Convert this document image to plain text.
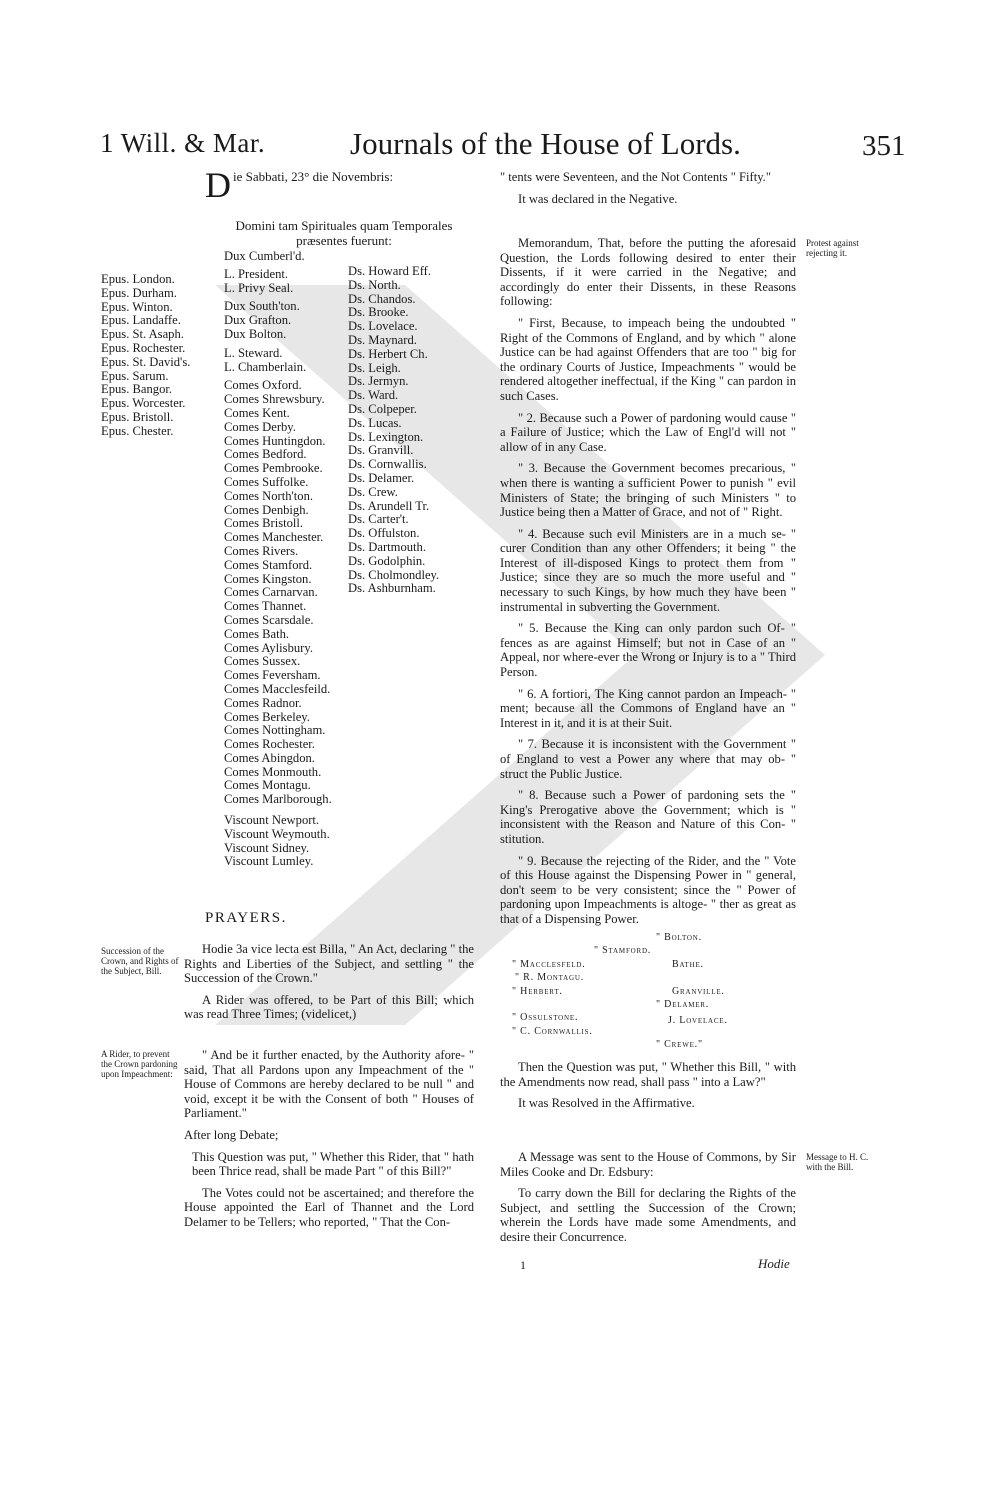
1 Will. & Mar.	Journals of the House of Lords.	351
D ie Sabbati, 23° die Novembris:
Domini tam Spirituales quam Temporales præsentes fuerunt:
Epus. London.
Epus. Durham.
Epus. Winton.
Epus. Landaffe.
Epus. St. Asaph.
Epus. Rochester.
Epus. St. David's.
Epus. Sarum.
Epus. Bangor.
Epus. Worcester.
Epus. Bristoll.
Epus. Chester.
Dux Cumberl'd.
L. President.
L. Privy Seal.
Dux South'ton.
Dux Grafton.
Dux Bolton.
L. Steward.
L. Chamberlain.
Comes Oxford.
Comes Shrewsbury.
Comes Kent.
Comes Derby.
Comes Huntingdon.
Comes Bedford.
Comes Pembrooke.
Comes Suffolke.
Comes North'ton.
Comes Denbigh.
Comes Bristoll.
Comes Manchester.
Comes Rivers.
Comes Stamford.
Comes Kingston.
Comes Carnarvan.
Comes Thannet.
Comes Scarsdale.
Comes Bath.
Comes Aylisbury.
Comes Sussex.
Comes Feversham.
Comes Macclesfeild.
Comes Radnor.
Comes Berkeley.
Comes Nottingham.
Comes Rochester.
Comes Abingdon.
Comes Monmouth.
Comes Montagu.
Comes Marlborough.
Viscount Newport.
Viscount Weymouth.
Viscount Sidney.
Viscount Lumley.
Ds. Howard Eff.
Ds. North.
Ds. Chandos.
Ds. Brooke.
Ds. Lovelace.
Ds. Maynard.
Ds. Herbert Ch.
Ds. Leigh.
Ds. Jermyn.
Ds. Ward.
Ds. Colpeper.
Ds. Lucas.
Ds. Lexington.
Ds. Granvill.
Ds. Cornwallis.
Ds. Delamer.
Ds. Crew.
Ds. Arundell Tr.
Ds. Carter't.
Ds. Offulston.
Ds. Dartmouth.
Ds. Godolphin.
Ds. Cholmondley.
Ds. Ashburnham.
PRAYERS.
Succession of the Crown, and Rights of the Subject, Bill.

Hodie 3a vice lecta est Billa, " An Act, declaring " the Rights and Liberties of the Subject, and settling " the Succession of the Crown."

A Rider was offered, to be Part of this Bill; which was read Three Times; (videlicet,)

A Rider, to prevent the Crown pardoning upon Impeachment:

" And be it further enacted, by the Authority afore- " said, That all Pardons upon any Impeachment of the " House of Commons are hereby declared to be null " and void, except it be with the Consent of both " Houses of Parliament."

After long Debate;

This Question was put, " Whether this Rider, that " hath been Thrice read, shall be made Part " of this Bill?"

The Votes could not be ascertained; and therefore the House appointed the Earl of Thannet and the Lord Delamer to be Tellers; who reported, " That the Con-

" tents were Seventeen, and the Not Contents " Fifty."

It was declared in the Negative.

Protest against rejecting it.

Memorandum, That, before the putting the aforesaid Question, the Lords following desired to enter their Dissents, if it were carried in the Negative; and accordingly do enter their Dissents, in these Reasons following:

" First, Because, to impeach being the undoubted " Right of the Commons of England, and by which " alone Justice can be had against Offenders that are too " big for the ordinary Courts of Justice, Impeachments " would be rendered altogether ineffectual, if the King " can pardon in such Cases.

" 2. Because such a Power of pardoning would cause " a Failure of Justice; which the Law of Engl'd will not " allow of in any Case.

" 3. Because the Government becomes precarious, " when there is wanting a sufficient Power to punish " evil Ministers of State; the bringing of such Ministers " to Justice being then a Matter of Grace, and not of " Right.

" 4. Because such evil Ministers are in a much se- " curer Condition than any other Offenders; it being " the Interest of ill-disposed Kings to protect them from " Justice; since they are so much the more useful and " necessary to such Kings, by how much they have been " instrumental in subverting the Government.

" 5. Because the King can only pardon such Of- " fences as are against Himself; but not in Case of an " Appeal, nor where-ever the Wrong or Injury is to a " Third Person.

" 6. A fortiori, The King cannot pardon an Impeach- " ment; because all the Commons of England have an " Interest in it, and it is at their Suit.

" 7. Because it is inconsistent with the Government " of England to vest a Power any where that may ob- " struct the Public Justice.

" 8. Because such a Power of pardoning sets the " King's Prerogative above the Government; which is " inconsistent with the Reason and Nature of this Con- " stitution.

" 9. Because the rejecting of the Rider, and the " Vote of this House against the Dispensing Power in " general, don't seem to be very consistent; since the " Power of pardoning upon Impeachments is altoge- " ther as great as that of a Dispensing Power.

" Bolton.
" Stamford.
" Macclesfeld.	Bathe.
" R. Montagu.
" Herbert.	Granville.
" Delamer.
" Ossulstone.	J. Lovelace.
" C. Cornwallis.
" Crewe."

Then the Question was put, " Whether this Bill, " with the Amendments now read, shall pass " into a Law?"

It was Resolved in the Affirmative.

Message to H. C. with the Bill.

A Message was sent to the House of Commons, by Sir Miles Cooke and Dr. Edsbury:

To carry down the Bill for declaring the Rights of the Subject, and settling the Succession of the Crown; wherein the Lords have made some Amendments, and desire their Concurrence.

1	Hodie
